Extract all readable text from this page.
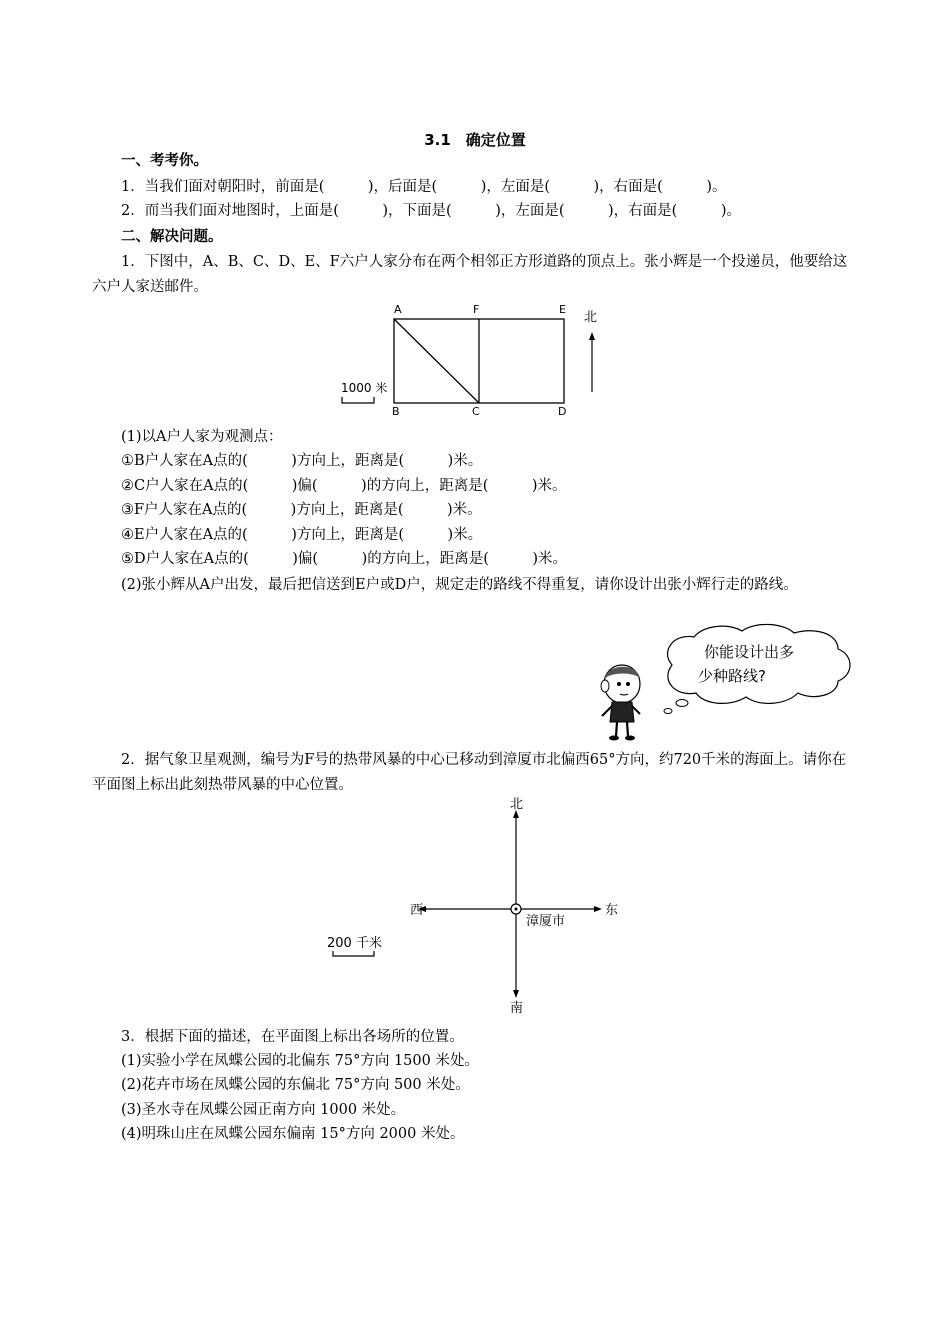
3.1　确定位置
一、考考你。
1．当我们面对朝阳时，前面是(　　　)，后面是(　　　)，左面是(　　　)，右面是(　　　)。
2．而当我们面对地图时，上面是(　　　)，下面是(　　　)，左面是(　　　)，右面是(　　　)。
二、解决问题。
1．下图中，A、B、C、D、E、F六户人家分布在两个相邻正方形道路的顶点上。张小辉是一个投递员，他要给这六户人家送邮件。
A	F	E
B	C	D
北
1000 米
(1)以A户人家为观测点：
①B户人家在A点的(　　　)方向上，距离是(　　　)米。
②C户人家在A点的(　　　)偏(　　　)的方向上，距离是(　　　)米。
③F户人家在A点的(　　　)方向上，距离是(　　　)米。
④E户人家在A点的(　　　)方向上，距离是(　　　)米。
⑤D户人家在A点的(　　　)偏(　　　)的方向上，距离是(　　　)米。
(2)张小辉从A户出发，最后把信送到E户或D户，规定走的路线不得重复，请你设计出张小辉行走的路线。
你能设计出多
少种路线?
2．据气象卫星观测，编号为F号的热带风暴的中心已移动到漳厦市北偏西65°方向，约720千米的海面上。请你在平面图上标出此刻热带风暴的中心位置。
北
南
西	东
漳厦市
200 千米
3．根据下面的描述，在平面图上标出各场所的位置。
(1)实验小学在凤蝶公园的北偏东 75°方向 1500 米处。
(2)花卉市场在凤蝶公园的东偏北 75°方向 500 米处。
(3)圣水寺在凤蝶公园正南方向 1000 米处。
(4)明珠山庄在凤蝶公园东偏南 15°方向 2000 米处。
